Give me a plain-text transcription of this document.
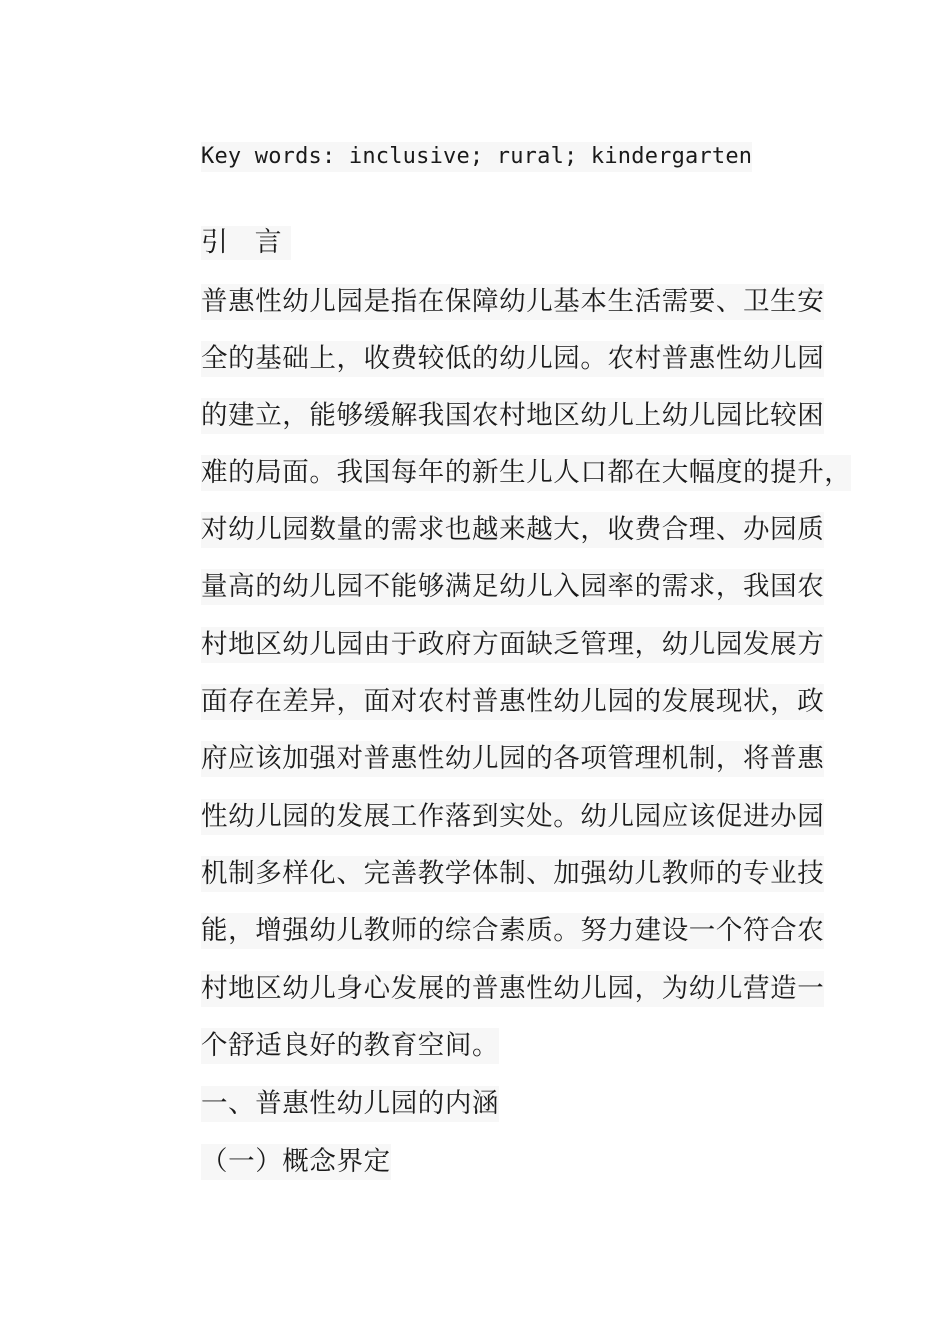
Key words: inclusive; rural; kindergarten
引 言
普惠性幼儿园是指在保障幼儿基本生活需要、卫生安
全的基础上，收费较低的幼儿园。农村普惠性幼儿园
的建立，能够缓解我国农村地区幼儿上幼儿园比较困
难的局面。我国每年的新生儿人口都在大幅度的提升，
对幼儿园数量的需求也越来越大，收费合理、办园质
量高的幼儿园不能够满足幼儿入园率的需求，我国农
村地区幼儿园由于政府方面缺乏管理，幼儿园发展方
面存在差异，面对农村普惠性幼儿园的发展现状，政
府应该加强对普惠性幼儿园的各项管理机制，将普惠
性幼儿园的发展工作落到实处。幼儿园应该促进办园
机制多样化、完善教学体制、加强幼儿教师的专业技
能，增强幼儿教师的综合素质。努力建设一个符合农
村地区幼儿身心发展的普惠性幼儿园，为幼儿营造一
个舒适良好的教育空间。
一、普惠性幼儿园的内涵
（一）概念界定
